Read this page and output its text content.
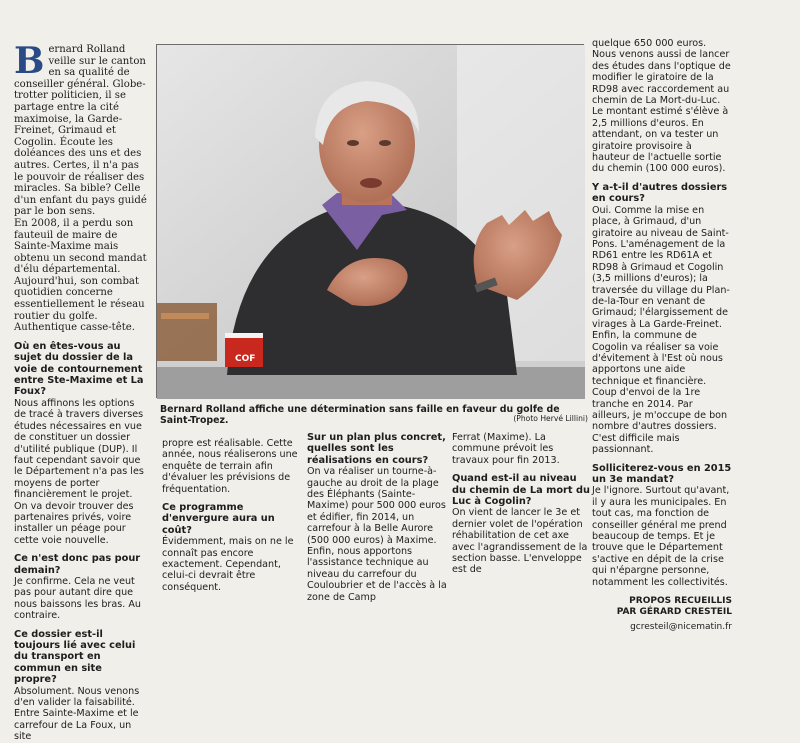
B ernard Rolland veille sur le canton en sa qualité de conseiller général. Globe-trotter politicien, il se partage entre la cité maximoise, la Garde-Freinet, Grimaud et Cogolin. Écoute les doléances des uns et des autres. Certes, il n'a pas le pouvoir de réaliser des miracles. Sa bible? Celle d'un enfant du pays guidé par le bon sens.

En 2008, il a perdu son fauteuil de maire de Sainte-Maxime mais obtenu un second mandat d'élu départemental. Aujourd'hui, son combat quotidien concerne essentiellement le réseau routier du golfe. Authentique casse-tête.

Où en êtes-vous au sujet du dossier de la voie de contournement entre Ste-Maxime et La Foux?

Nous affinons les options de tracé à travers diverses études nécessaires en vue de constituer un dossier d'utilité publique (DUP). Il faut cependant savoir que le Département n'a pas les moyens de porter financièrement le projet. On va devoir trouver des partenaires privés, voire installer un péage pour cette voie nouvelle.

Ce n'est donc pas pour demain?

Je confirme. Cela ne veut pas pour autant dire que nous baissons les bras. Au contraire.

Ce dossier est-il toujours lié avec celui du transport en commun en site propre?

Absolument. Nous venons d'en valider la faisabilité.

Entre Sainte-Maxime et le carrefour de La Foux, un site

COF
Bernard Rolland affiche une détermination sans faille en faveur du golfe de Saint-Tropez.	(Photo Hervé Lillini)

propre est réalisable. Cette année, nous réaliserons une enquête de terrain afin d'évaluer les prévisions de fréquentation.

Ce programme d'envergure aura un coût?

Évidemment, mais on ne le connaît pas encore exactement. Cependant, celui-ci devrait être conséquent.

Sur un plan plus concret, quelles sont les réalisations en cours?

On va réaliser un tourne-à-gauche au droit de la plage des Éléphants (Sainte-Maxime) pour 500 000 euros et édifier, fin 2014, un carrefour à la Belle Aurore (500 000 euros) à Maxime. Enfin, nous apportons l'assistance technique au niveau du carrefour du Couloubrier et de l'accès à la zone de Camp

Ferrat (Maxime). La commune prévoit les travaux pour fin 2013.

Quand est-il au niveau du chemin de La mort du Luc à Cogolin?

On vient de lancer le 3e et dernier volet de l'opération réhabilitation de cet axe avec l'agrandissement de la section basse. L'enveloppe est de

quelque 650 000 euros. Nous venons aussi de lancer des études dans l'optique de modifier le giratoire de la RD98 avec raccordement au chemin de La Mort-du-Luc. Le montant estimé s'élève à 2,5 millions d'euros. En attendant, on va tester un giratoire provisoire à hauteur de l'actuelle sortie du chemin (100 000 euros).

Y a-t-il d'autres dossiers en cours?

Oui. Comme la mise en place, à Grimaud, d'un giratoire au niveau de Saint-Pons. L'aménagement de la RD61 entre les RD61A et RD98 à Grimaud et Cogolin (3,5 millions d'euros); la traversée du village du Plan-de-la-Tour en venant de Grimaud; l'élargissement de virages à La Garde-Freinet. Enfin, la commune de Cogolin va réaliser sa voie d'évitement à l'Est où nous apportons une aide technique et financière. Coup d'envoi de la 1re tranche en 2014. Par ailleurs, je m'occupe de bon nombre d'autres dossiers. C'est difficile mais passionnant.

Solliciterez-vous en 2015 un 3e mandat?

Je l'ignore. Surtout qu'avant, il y aura les municipales. En tout cas, ma fonction de conseiller général me prend beaucoup de temps. Et je trouve que le Département s'active en dépit de la crise qui n'épargne personne, notamment les collectivités.

PROPOS RECUEILLIS
PAR GÉRARD CRESTEIL
gcresteil@nicematin.fr
